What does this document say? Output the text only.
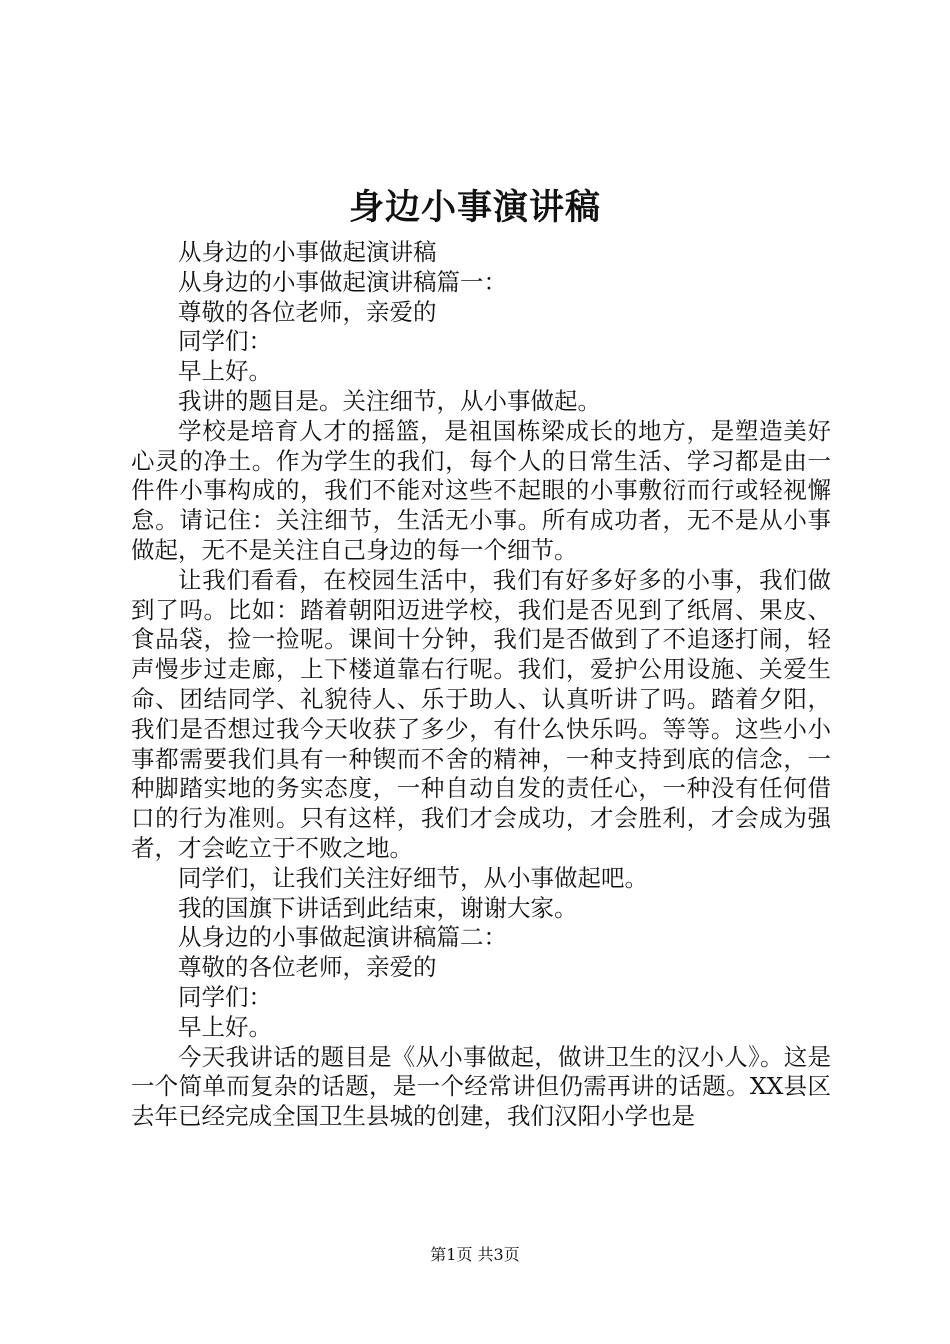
身边小事演讲稿

从身边的小事做起演讲稿

从身边的小事做起演讲稿篇一：

尊敬的各位老师，亲爱的

同学们：

早上好。

我讲的题目是。关注细节，从小事做起。

学校是培育人才的摇篮，是祖国栋梁成长的地方，是塑造美好心灵的净土。作为学生的我们，每个人的日常生活、学习都是由一件件小事构成的，我们不能对这些不起眼的小事敷衍而行或轻视懈怠。请记住：关注细节，生活无小事。所有成功者，无不是从小事做起，无不是关注自己身边的每一个细节。

让我们看看，在校园生活中，我们有好多好多的小事，我们做到了吗。比如：踏着朝阳迈进学校，我们是否见到了纸屑、果皮、食品袋，捡一捡呢。课间十分钟，我们是否做到了不追逐打闹，轻声慢步过走廊，上下楼道靠右行呢。我们，爱护公用设施、关爱生命、团结同学、礼貌待人、乐于助人、认真听讲了吗。踏着夕阳，我们是否想过我今天收获了多少，有什么快乐吗。等等。这些小小事都需要我们具有一种锲而不舍的精神，一种支持到底的信念，一种脚踏实地的务实态度，一种自动自发的责任心，一种没有任何借口的行为准则。只有这样，我们才会成功，才会胜利，才会成为强者，才会屹立于不败之地。

同学们，让我们关注好细节，从小事做起吧。

我的国旗下讲话到此结束，谢谢大家。

从身边的小事做起演讲稿篇二：

尊敬的各位老师，亲爱的

同学们：

早上好。

今天我讲话的题目是《从小事做起，做讲卫生的汉小人》。这是一个简单而复杂的话题，是一个经常讲但仍需再讲的话题。XX县区去年已经完成全国卫生县城的创建，我们汉阳小学也是

第1页 共3页
